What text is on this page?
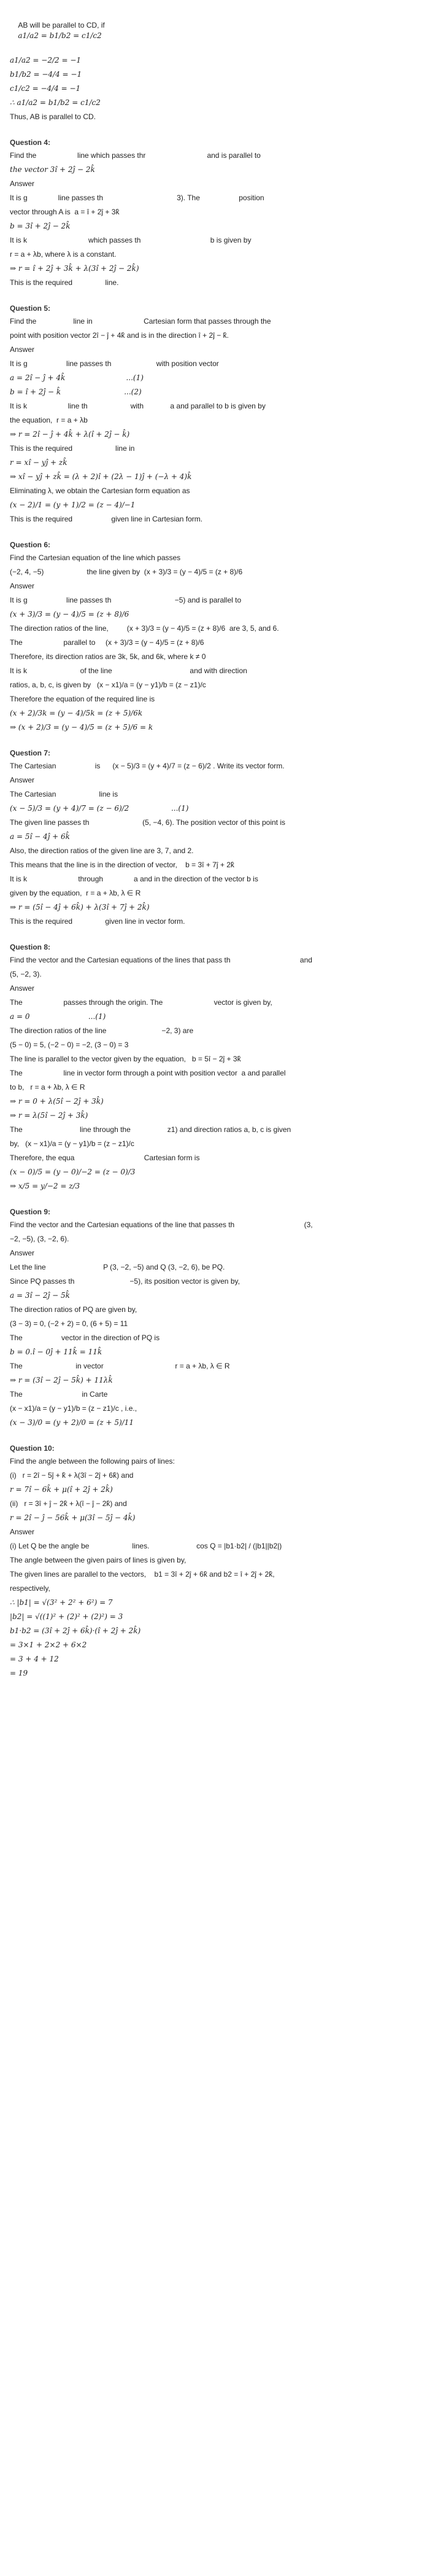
AB will be parallel to CD, if
a1/a2 = b1/b2 = c1/c2

a1/a2 = −2/2 = −1
b1/b2 = −4/4 = −1
c1/c2 = −4/4 = −1
∴ a1/a2 = b1/b2 = c1/c2
Thus, AB is parallel to CD.
Question 4:
Find the                    line which passes thr                              and is parallel to
the vector 3î + 2ĵ − 2k̂
Answer
It is g               line passes th                                    3). The                   position
vector through A is  a = î + 2ĵ + 3k̂
b = 3î + 2ĵ − 2k̂
It is k                              which passes th                                  b is given by
r = a + λb, where λ is a constant.
⇒ r = î + 2ĵ + 3k̂ + λ(3î + 2ĵ − 2k̂)
This is the required                line.
Question 5:
Find the                  line in                         Cartesian form that passes through the
point with position vector 2î − ĵ + 4k̂ and is in the direction î + 2ĵ − k̂.
Answer
It is g                   line passes th                      with position vector
a = 2î − ĵ + 4k̂                          ...(1)
b = î + 2ĵ − k̂                           ...(2)
It is k                    line th                     with             a and parallel to b is given by
the equation,  r = a + λb
⇒ r = 2î − ĵ + 4k̂ + λ(î + 2ĵ − k̂)
This is the required                     line in
r = xî − yĵ + zk̂
⇒ xî − yĵ + zk̂ = (λ + 2)î + (2λ − 1)ĵ + (−λ + 4)k̂
Eliminating λ, we obtain the Cartesian form equation as
(x − 2)/1 = (y + 1)/2 = (z − 4)/−1
This is the required                   given line in Cartesian form.
Question 6:
Find the Cartesian equation of the line which passes
(−2, 4, −5)                     the line given by  (x + 3)/3 = (y − 4)/5 = (z + 8)/6
Answer
It is g                   line passes th                               −5) and is parallel to
(x + 3)/3 = (y − 4)/5 = (z + 8)/6
The direction ratios of the line,         (x + 3)/3 = (y − 4)/5 = (z + 8)/6  are 3, 5, and 6.
The                    parallel to     (x + 3)/3 = (y − 4)/5 = (z + 8)/6
Therefore, its direction ratios are 3k, 5k, and 6k, where k ≠ 0
It is k                          of the line                                      and with direction
ratios, a, b, c, is given by   (x − x1)/a = (y − y1)/b = (z − z1)/c
Therefore the equation of the required line is
(x + 2)/3k = (y − 4)/5k = (z + 5)/6k
⇒ (x + 2)/3 = (y − 4)/5 = (z + 5)/6 = k
Question 7:
The Cartesian                   is      (x − 5)/3 = (y + 4)/7 = (z − 6)/2 . Write its vector form.
Answer
The Cartesian                     line is
(x − 5)/3 = (y + 4)/7 = (z − 6)/2                  ...(1)
The given line passes th                          (5, −4, 6). The position vector of this point is
a = 5î − 4ĵ + 6k̂
Also, the direction ratios of the given line are 3, 7, and 2.
This means that the line is in the direction of vector,    b = 3î + 7ĵ + 2k̂
It is k                         through               a and in the direction of the vector b is
given by the equation,  r = a + λb, λ ∈ R
⇒ r = (5î − 4ĵ + 6k̂) + λ(3î + 7ĵ + 2k̂)
This is the required                given line in vector form.
Question 8:
Find the vector and the Cartesian equations of the lines that pass th                                  and
(5, −2, 3).
Answer
The                    passes through the origin. The                         vector is given by,
a = 0                         ...(1)
The direction ratios of the line                           −2, 3) are
(5 − 0) = 5, (−2 − 0) = −2, (3 − 0) = 3
The line is parallel to the vector given by the equation,   b = 5î − 2ĵ + 3k̂
The                    line in vector form through a point with position vector  a and parallel
to b,   r = a + λb, λ ∈ R
⇒ r = 0 + λ(5î − 2ĵ + 3k̂)
⇒ r = λ(5î − 2ĵ + 3k̂)
The                            line through the                  z1) and direction ratios a, b, c is given
by,   (x − x1)/a = (y − y1)/b = (z − z1)/c
Therefore, the equa                                  Cartesian form is
(x − 0)/5 = (y − 0)/−2 = (z − 0)/3
⇒ x/5 = y/−2 = z/3
Question 9:
Find the vector and the Cartesian equations of the line that passes th                                  (3,
−2, −5), (3, −2, 6).
Answer
Let the line                            P (3, −2, −5) and Q (3, −2, 6), be PQ.
Since PQ passes th                           −5), its position vector is given by,
a = 3î − 2ĵ − 5k̂
The direction ratios of PQ are given by,
(3 − 3) = 0, (−2 + 2) = 0, (6 + 5) = 11
The                   vector in the direction of PQ is
b = 0.î − 0ĵ + 11k̂ = 11k̂
The                          in vector                                   r = a + λb, λ ∈ R
⇒ r = (3î − 2ĵ − 5k̂) + 11λk̂
The                             in Carte
(x − x1)/a = (y − y1)/b = (z − z1)/c , i.e.,
(x − 3)/0 = (y + 2)/0 = (z + 5)/11
Question 10:
Find the angle between the following pairs of lines:
(i)   r = 2î − 5ĵ + k̂ + λ(3î − 2ĵ + 6k̂) and
r = 7î − 6k̂ + μ(î + 2ĵ + 2k̂)
(ii)   r = 3î + ĵ − 2k̂ + λ(î − ĵ − 2k̂) and
r = 2î − ĵ − 56k̂ + μ(3î − 5ĵ − 4k̂)
Answer
(i) Let Q be the angle be                     lines.                       cos Q = |b1·b2| / (|b1||b2|)
The angle between the given pairs of lines is given by,
The given lines are parallel to the vectors,    b1 = 3î + 2ĵ + 6k̂ and b2 = î + 2ĵ + 2k̂,
respectively,
∴ |b1| = √(3² + 2² + 6²) = 7
|b2| = √((1)² + (2)² + (2)²) = 3
b1·b2 = (3î + 2ĵ + 6k̂)·(î + 2ĵ + 2k̂)
= 3×1 + 2×2 + 6×2
= 3 + 4 + 12
= 19
